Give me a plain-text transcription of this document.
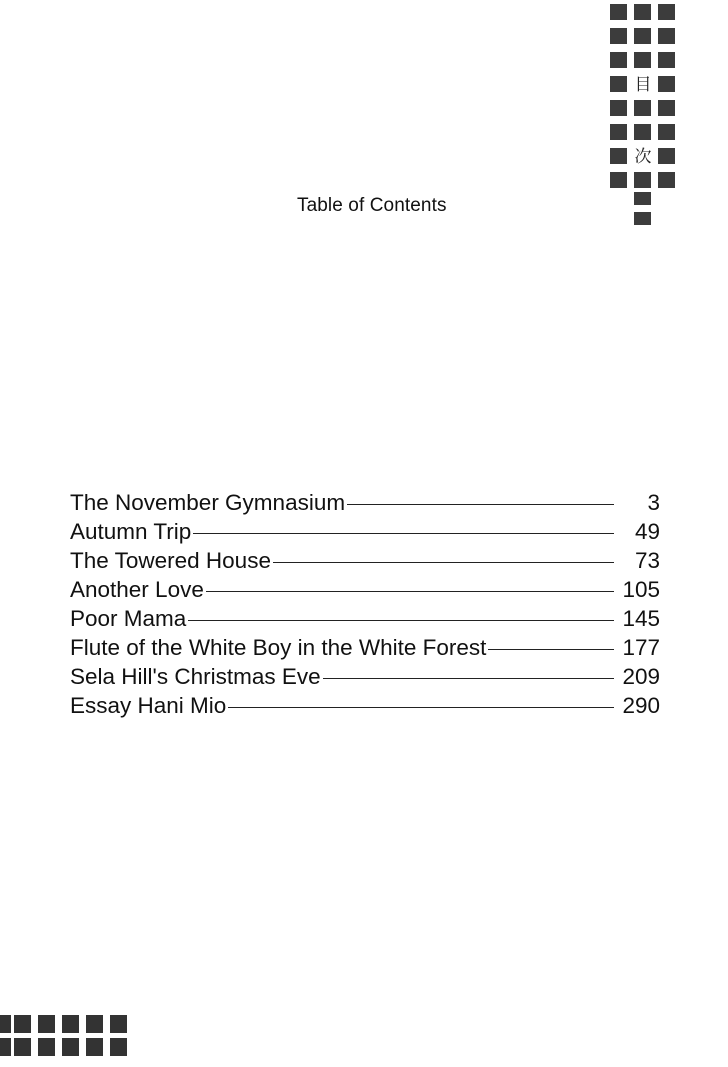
目
次
Table of Contents
The November Gymnasium	3
Autumn Trip	49
The Towered House	73
Another Love	105
Poor Mama	145
Flute of the White Boy in the White Forest	177
Sela Hill's Christmas Eve	209
Essay Hani Mio	290
